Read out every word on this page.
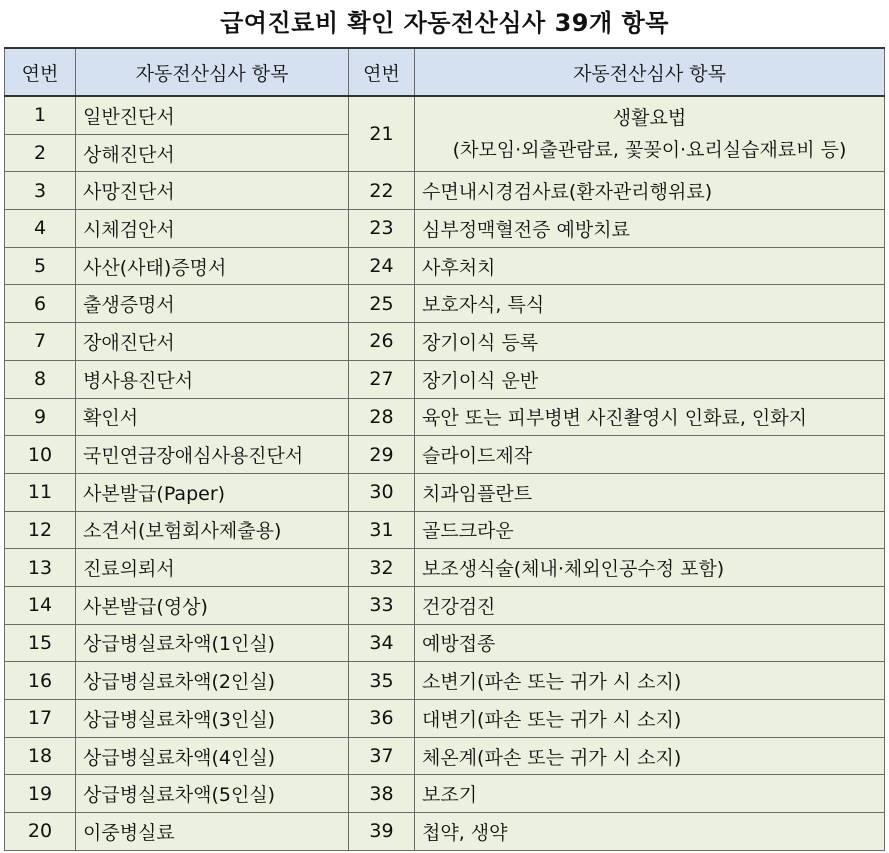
급여진료비 확인 자동전산심사 39개 항목
연번	자동전산심사 항목	연번	자동전산심사 항목
1	일반진단서	21	생활요법
(차모임·외출관람료, 꽃꽂이·요리실습재료비 등)

2	상해진단서		
3	사망진단서	22	수면내시경검사료(환자관리행위료)
4	시체검안서	23	심부정맥혈전증 예방치료
5	사산(사태)증명서	24	사후처치
6	출생증명서	25	보호자식, 특식
7	장애진단서	26	장기이식 등록
8	병사용진단서	27	장기이식 운반
9	확인서	28	육안 또는 피부병변 사진촬영시 인화료, 인화지
10	국민연금장애심사용진단서	29	슬라이드제작
11	사본발급(Paper)	30	치과임플란트
12	소견서(보험회사제출용)	31	골드크라운
13	진료의뢰서	32	보조생식술(체내·체외인공수정 포함)
14	사본발급(영상)	33	건강검진
15	상급병실료차액(1인실)	34	예방접종
16	상급병실료차액(2인실)	35	소변기(파손 또는 귀가 시 소지)
17	상급병실료차액(3인실)	36	대변기(파손 또는 귀가 시 소지)
18	상급병실료차액(4인실)	37	체온계(파손 또는 귀가 시 소지)
19	상급병실료차액(5인실)	38	보조기
20	이중병실료	39	첩약, 생약
